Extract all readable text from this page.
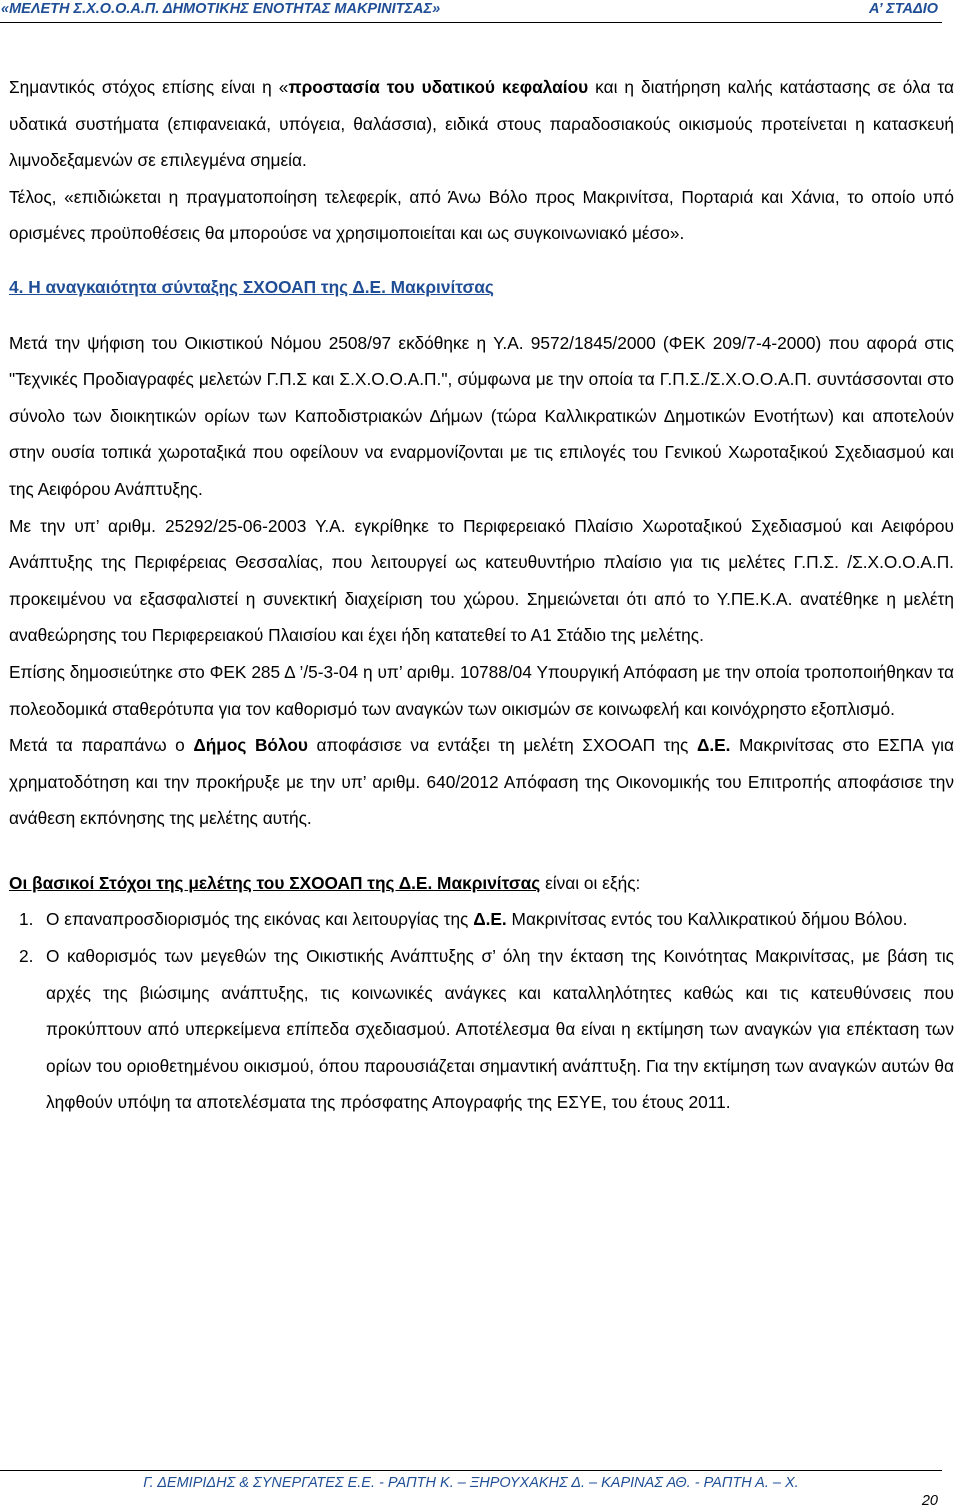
«ΜΕΛΕΤΗ Σ.Χ.Ο.Ο.Α.Π. ΔΗΜΟΤΙΚΗΣ ΕΝΟΤΗΤΑΣ ΜΑΚΡΙΝΙΤΣΑΣ»	Α’ ΣΤΑΔΙΟ

Σημαντικός στόχος επίσης είναι η «προστασία του υδατικού κεφαλαίου και η διατήρηση καλής κατάστασης σε όλα τα υδατικά συστήματα (επιφανειακά, υπόγεια, θαλάσσια), ειδικά στους παραδοσιακούς οικισμούς προτείνεται η κατασκευή λιμνοδεξαμενών σε επιλεγμένα σημεία.

Τέλος, «επιδιώκεται η πραγματοποίηση τελεφερίκ, από Άνω Βόλο προς Μακρινίτσα, Πορταριά και Χάνια, το οποίο υπό ορισμένες προϋποθέσεις θα μπορούσε να χρησιμοποιείται και ως συγκοινωνιακό μέσο».

4. Η αναγκαιότητα σύνταξης ΣΧΟΟΑΠ της Δ.Ε. Μακρινίτσας

Μετά την ψήφιση του Οικιστικού Νόμου 2508/97 εκδόθηκε η Υ.Α. 9572/1845/2000 (ΦΕΚ 209/7-4-2000) που αφορά στις "Τεχνικές Προδιαγραφές μελετών Γ.Π.Σ και Σ.Χ.Ο.Ο.Α.Π.", σύμφωνα με την οποία τα Γ.Π.Σ./Σ.Χ.Ο.Ο.Α.Π. συντάσσονται στο σύνολο των διοικητικών ορίων των Καποδιστριακών Δήμων (τώρα Καλλικρατικών Δημοτικών Ενοτήτων) και αποτελούν στην ουσία τοπικά χωροταξικά που οφείλουν να εναρμονίζονται με τις επιλογές του Γενικού Χωροταξικού Σχεδιασμού και της Αειφόρου Ανάπτυξης.

Με την υπ’ αριθμ. 25292/25-06-2003 Υ.Α. εγκρίθηκε το Περιφερειακό Πλαίσιο Χωροταξικού Σχεδιασμού και Αειφόρου Ανάπτυξης της Περιφέρειας Θεσσαλίας, που λειτουργεί ως κατευθυντήριο πλαίσιο για τις μελέτες Γ.Π.Σ. /Σ.Χ.Ο.Ο.Α.Π. προκειμένου να εξασφαλιστεί η συνεκτική διαχείριση του χώρου. Σημειώνεται ότι από το Υ.ΠΕ.Κ.Α. ανατέθηκε η μελέτη αναθεώρησης του Περιφερειακού Πλαισίου και έχει ήδη κατατεθεί το Α1 Στάδιο της μελέτης.

Επίσης δημοσιεύτηκε στο ΦΕΚ 285 Δ ’/5-3-04 η υπ’ αριθμ. 10788/04 Υπουργική Απόφαση με την οποία τροποποιήθηκαν τα πολεοδομικά σταθερότυπα για τον καθορισμό των αναγκών των οικισμών σε κοινωφελή και κοινόχρηστο εξοπλισμό.

Μετά τα παραπάνω ο Δήμος Βόλου αποφάσισε να εντάξει τη μελέτη ΣΧΟΟΑΠ της Δ.Ε. Μακρινίτσας στο ΕΣΠΑ για χρηματοδότηση και την προκήρυξε με την υπ’ αριθμ. 640/2012 Απόφαση της Οικονομικής του Επιτροπής αποφάσισε την ανάθεση εκπόνησης της μελέτης αυτής.

Οι βασικοί Στόχοι της μελέτης του ΣΧΟΟΑΠ της Δ.Ε. Μακρινίτσας είναι οι εξής:

1. Ο επαναπροσδιορισμός της εικόνας και λειτουργίας της Δ.Ε. Μακρινίτσας εντός του Καλλικρατικού δήμου Βόλου.
2. Ο καθορισμός των μεγεθών της Οικιστικής Ανάπτυξης σ’ όλη την έκταση της Κοινότητας Μακρινίτσας, με βάση τις αρχές της βιώσιμης ανάπτυξης, τις κοινωνικές ανάγκες και καταλληλότητες καθώς και τις κατευθύνσεις που προκύπτουν από υπερκείμενα επίπεδα σχεδιασμού. Αποτέλεσμα θα είναι η εκτίμηση των αναγκών για επέκταση των ορίων του οριοθετημένου οικισμού, όπου παρουσιάζεται σημαντική ανάπτυξη. Για την εκτίμηση των αναγκών αυτών θα ληφθούν υπόψη τα αποτελέσματα της πρόσφατης Απογραφής της ΕΣΥΕ, του έτους 2011.
Γ. ΔΕΜΙΡΙΔΗΣ & ΣΥΝΕΡΓΑΤΕΣ Ε.Ε. - ΡΑΠΤΗ Κ. – ΞΗΡΟΥΧΑΚΗΣ Δ. – ΚΑΡΙΝΑΣ ΑΘ. - ΡΑΠΤΗ Α. – Χ.
20
